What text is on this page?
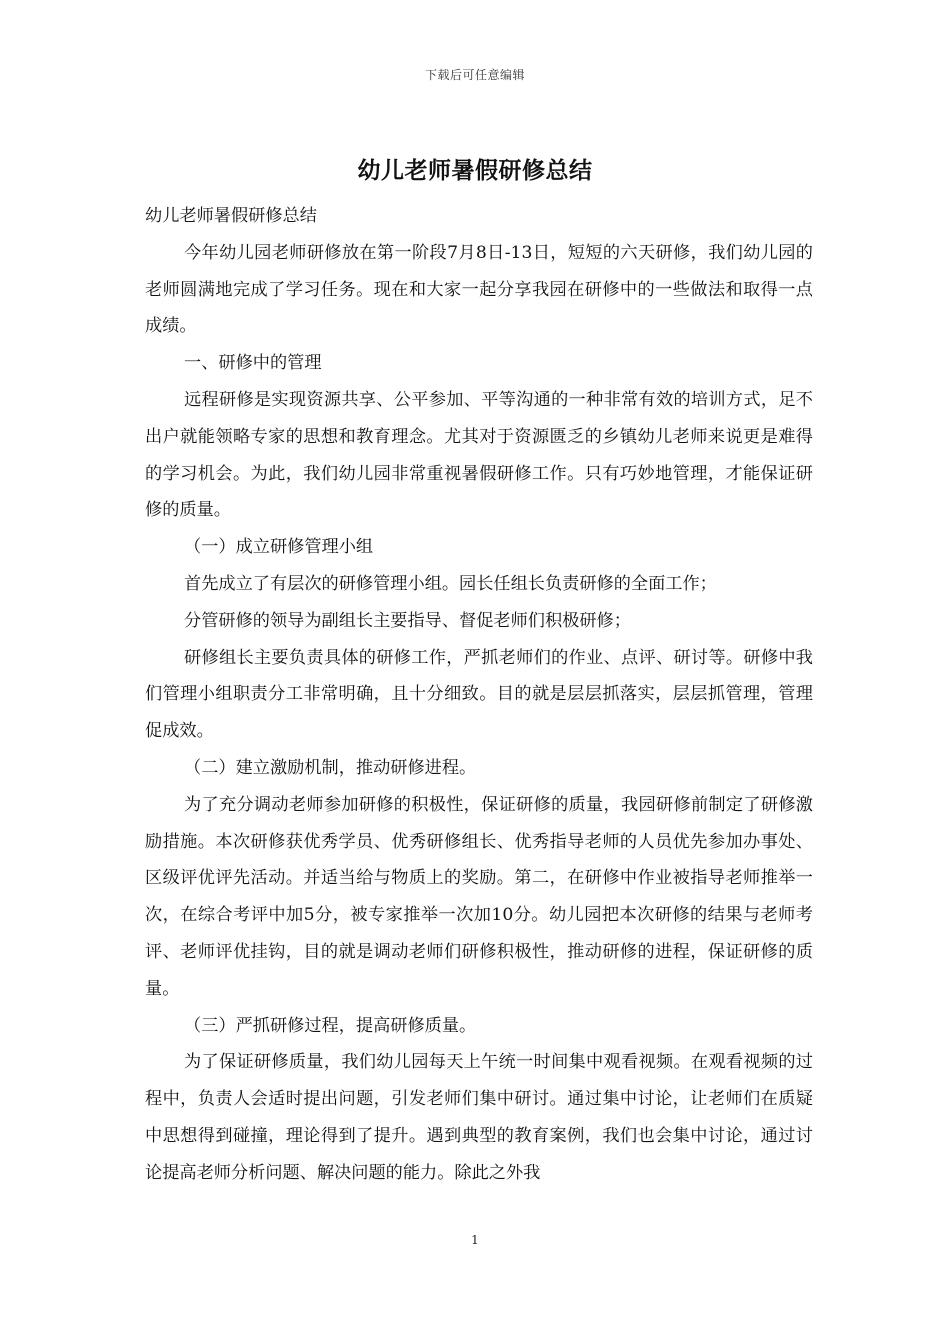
下载后可任意编辑
幼儿老师暑假研修总结

幼儿老师暑假研修总结

今年幼儿园老师研修放在第一阶段7月8日-13日，短短的六天研修，我们幼儿园的老师圆满地完成了学习任务。现在和大家一起分享我园在研修中的一些做法和取得一点成绩。

一、研修中的管理

远程研修是实现资源共享、公平参加、平等沟通的一种非常有效的培训方式，足不出户就能领略专家的思想和教育理念。尤其对于资源匮乏的乡镇幼儿老师来说更是难得的学习机会。为此，我们幼儿园非常重视暑假研修工作。只有巧妙地管理，才能保证研修的质量。

（一）成立研修管理小组

首先成立了有层次的研修管理小组。园长任组长负责研修的全面工作；

分管研修的领导为副组长主要指导、督促老师们积极研修；

研修组长主要负责具体的研修工作，严抓老师们的作业、点评、研讨等。研修中我们管理小组职责分工非常明确，且十分细致。目的就是层层抓落实，层层抓管理，管理促成效。

（二）建立激励机制，推动研修进程。

为了充分调动老师参加研修的积极性，保证研修的质量，我园研修前制定了研修激励措施。本次研修获优秀学员、优秀研修组长、优秀指导老师的人员优先参加办事处、区级评优评先活动。并适当给与物质上的奖励。第二，在研修中作业被指导老师推举一次，在综合考评中加5分，被专家推举一次加10分。幼儿园把本次研修的结果与老师考评、老师评优挂钩，目的就是调动老师们研修积极性，推动研修的进程，保证研修的质量。

（三）严抓研修过程，提高研修质量。

为了保证研修质量，我们幼儿园每天上午统一时间集中观看视频。在观看视频的过程中，负责人会适时提出问题，引发老师们集中研讨。通过集中讨论，让老师们在质疑中思想得到碰撞，理论得到了提升。遇到典型的教育案例，我们也会集中讨论，通过讨论提高老师分析问题、解决问题的能力。除此之外我

1
